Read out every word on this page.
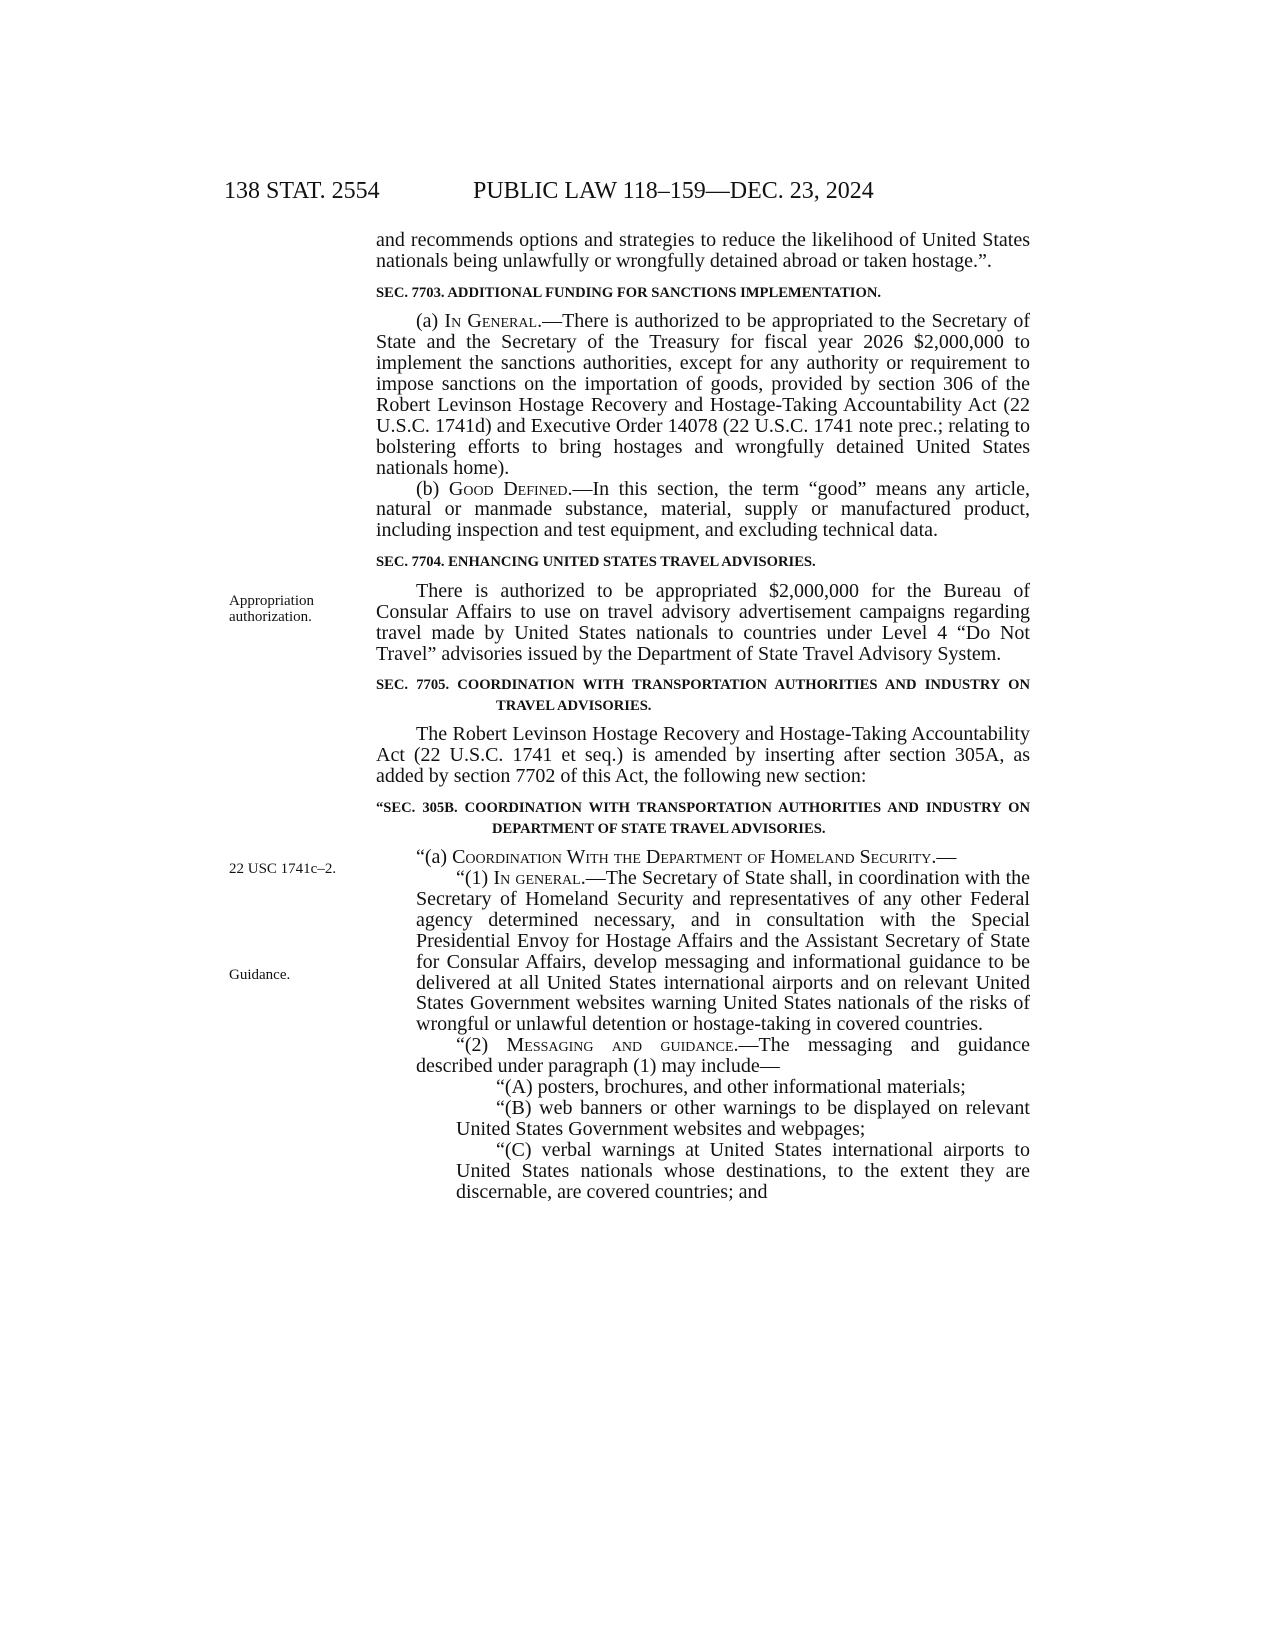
138 STAT. 2554	PUBLIC LAW 118–159—DEC. 23, 2024
Appropriation authorization.
22 USC 1741c–2.
Guidance.

and recommends options and strategies to reduce the likelihood of United States nationals being unlawfully or wrongfully detained abroad or taken hostage.”.

SEC. 7703. ADDITIONAL FUNDING FOR SANCTIONS IMPLEMENTATION.

(a) In General.—There is authorized to be appropriated to the Secretary of State and the Secretary of the Treasury for fiscal year 2026 $2,000,000 to implement the sanctions authorities, except for any authority or requirement to impose sanctions on the importation of goods, provided by section 306 of the Robert Levinson Hostage Recovery and Hostage-Taking Accountability Act (22 U.S.C. 1741d) and Executive Order 14078 (22 U.S.C. 1741 note prec.; relating to bolstering efforts to bring hostages and wrongfully detained United States nationals home).

(b) Good Defined.—In this section, the term “good” means any article, natural or manmade substance, material, supply or manufactured product, including inspection and test equipment, and excluding technical data.

SEC. 7704. ENHANCING UNITED STATES TRAVEL ADVISORIES.

There is authorized to be appropriated $2,000,000 for the Bureau of Consular Affairs to use on travel advisory advertisement campaigns regarding travel made by United States nationals to countries under Level 4 “Do Not Travel” advisories issued by the Department of State Travel Advisory System.

SEC. 7705. COORDINATION WITH TRANSPORTATION AUTHORITIES AND INDUSTRY ON TRAVEL ADVISORIES.

The Robert Levinson Hostage Recovery and Hostage-Taking Accountability Act (22 U.S.C. 1741 et seq.) is amended by inserting after section 305A, as added by section 7702 of this Act, the following new section:

“SEC. 305B. COORDINATION WITH TRANSPORTATION AUTHORITIES AND INDUSTRY ON DEPARTMENT OF STATE TRAVEL ADVISORIES.

“(a) Coordination With the Department of Homeland Security.—

“(1) In general.—The Secretary of State shall, in coordination with the Secretary of Homeland Security and representatives of any other Federal agency determined necessary, and in consultation with the Special Presidential Envoy for Hostage Affairs and the Assistant Secretary of State for Consular Affairs, develop messaging and informational guidance to be delivered at all United States international airports and on relevant United States Government websites warning United States nationals of the risks of wrongful or unlawful detention or hostage-taking in covered countries.

“(2) Messaging and guidance.—The messaging and guidance described under paragraph (1) may include—

“(A) posters, brochures, and other informational materials;

“(B) web banners or other warnings to be displayed on relevant United States Government websites and webpages;

“(C) verbal warnings at United States international airports to United States nationals whose destinations, to the extent they are discernable, are covered countries; and
